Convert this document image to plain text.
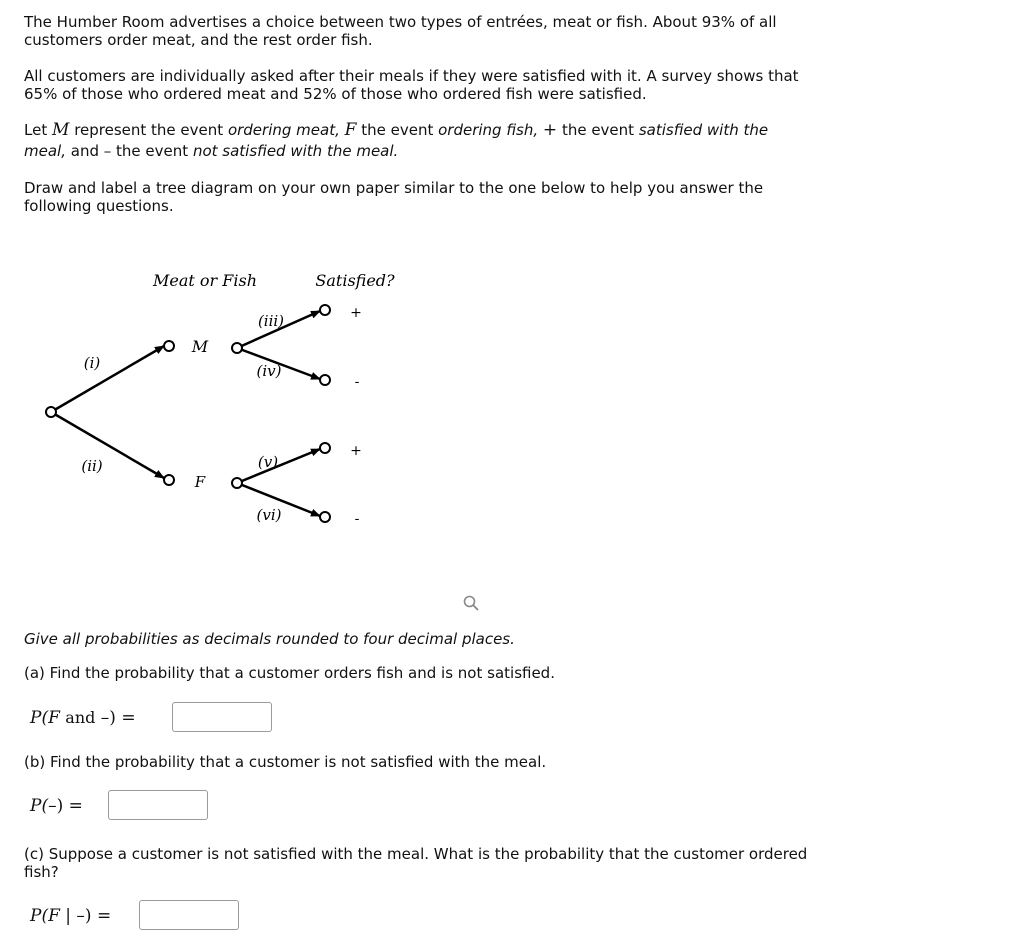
The Humber Room advertises a choice between two types of entrées, meat or fish. About 93% of all customers order meat, and the rest order fish.

All customers are individually asked after their meals if they were satisfied with it. A survey shows that 65% of those who ordered meat and 52% of those who ordered fish were satisfied.

Let M represent the event ordering meat, F the event ordering fish, + the event satisfied with the
meal, and – the event not satisfied with the meal.

Draw and label a tree diagram on your own paper similar to the one below to help you answer the following questions.

Meat or Fish	Satisfied?
(i)
(ii)
(iii)
(iv)
(v)
(vi)
M
F
+
-
+
-

Give all probabilities as decimals rounded to four decimal places.

(a) Find the probability that a customer orders fish and is not satisfied.

P(F and –) =

(b) Find the probability that a customer is not satisfied with the meal.

P(–) =

(c) Suppose a customer is not satisfied with the meal. What is the probability that the customer ordered fish?

P(F | –) =
